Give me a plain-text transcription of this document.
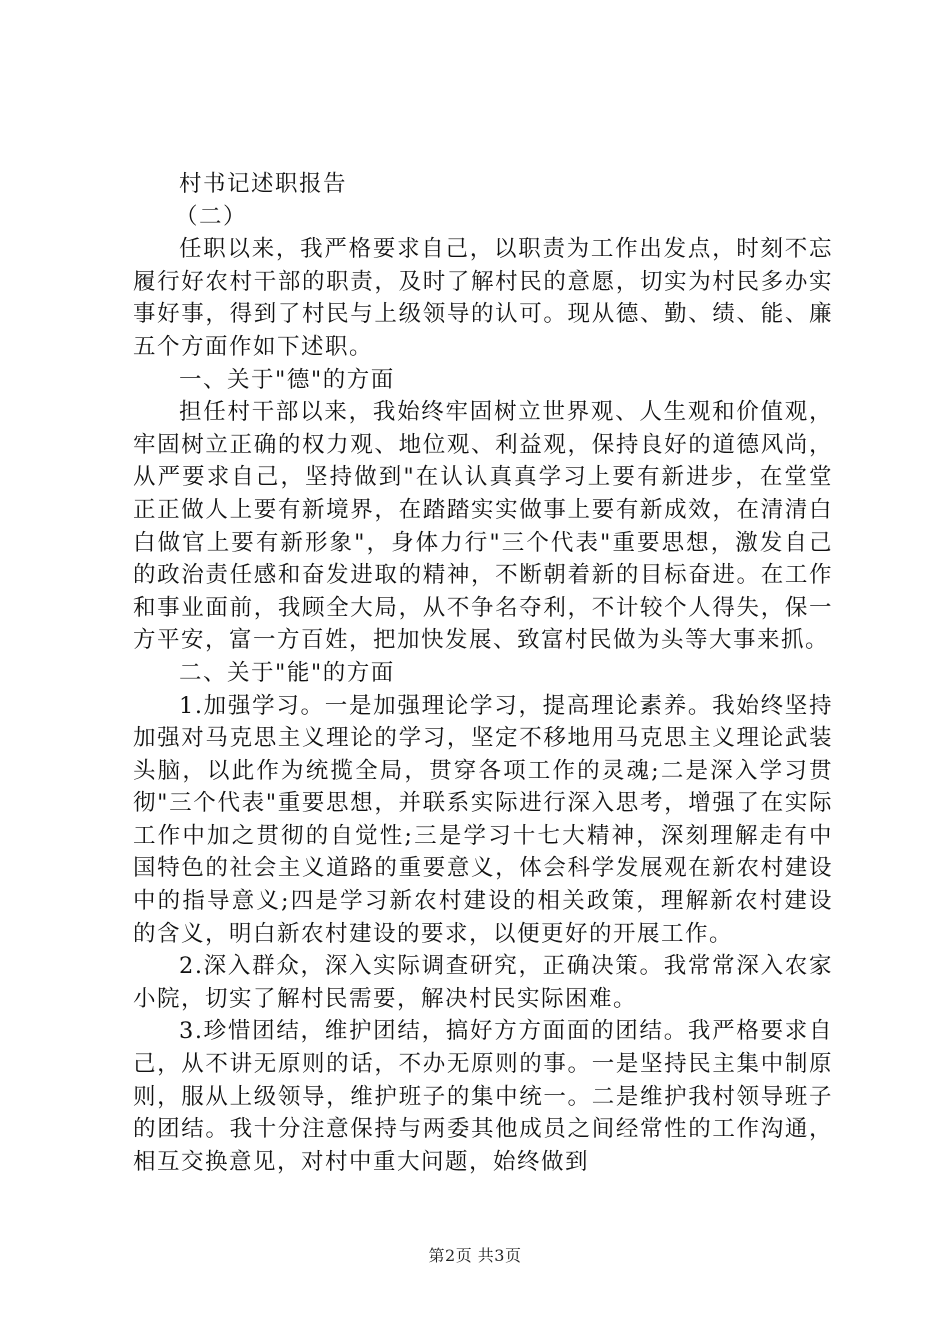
村书记述职报告

（二）

任职以来，我严格要求自己，以职责为工作出发点，时刻不忘履行好农村干部的职责，及时了解村民的意愿，切实为村民多办实事好事，得到了村民与上级领导的认可。现从德、勤、绩、能、廉五个方面作如下述职。

一、关于"德"的方面

担任村干部以来，我始终牢固树立世界观、人生观和价值观，牢固树立正确的权力观、地位观、利益观，保持良好的道德风尚，从严要求自己，坚持做到"在认认真真学习上要有新进步，在堂堂正正做人上要有新境界，在踏踏实实做事上要有新成效，在清清白白做官上要有新形象"，身体力行"三个代表"重要思想，激发自己的政治责任感和奋发进取的精神，不断朝着新的目标奋进。在工作和事业面前，我顾全大局，从不争名夺利，不计较个人得失，保一方平安，富一方百姓，把加快发展、致富村民做为头等大事来抓。

二、关于"能"的方面

1.加强学习。一是加强理论学习，提高理论素养。我始终坚持加强对马克思主义理论的学习，坚定不移地用马克思主义理论武装头脑，以此作为统揽全局，贯穿各项工作的灵魂;二是深入学习贯彻"三个代表"重要思想，并联系实际进行深入思考，增强了在实际工作中加之贯彻的自觉性;三是学习十七大精神，深刻理解走有中国特色的社会主义道路的重要意义，体会科学发展观在新农村建设中的指导意义;四是学习新农村建设的相关政策，理解新农村建设的含义，明白新农村建设的要求，以便更好的开展工作。

2.深入群众，深入实际调查研究，正确决策。我常常深入农家小院，切实了解村民需要，解决村民实际困难。

3.珍惜团结，维护团结，搞好方方面面的团结。我严格要求自己，从不讲无原则的话，不办无原则的事。一是坚持民主集中制原则，服从上级领导，维护班子的集中统一。二是维护我村领导班子的团结。我十分注意保持与两委其他成员之间经常性的工作沟通，相互交换意见，对村中重大问题，始终做到

第2页 共3页
